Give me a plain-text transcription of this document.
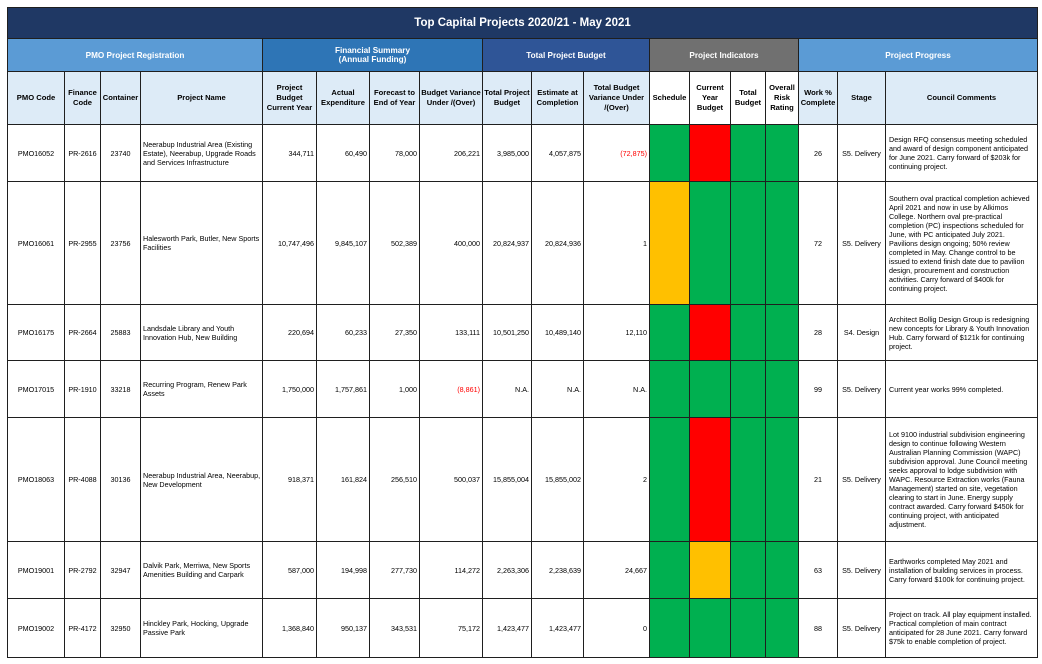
Top Capital Projects 2020/21 - May 2021																	
PMO Project Registration				Financial Summary
(Annual Funding)				Total Project Budget			Project Indicators				Project Progress		
PMO Code	Finance Code	Container	Project Name	Project Budget Current Year	Actual Expenditure	Forecast to End of Year	Budget Variance Under /(Over)	Total Project Budget	Estimate at Completion	Total Budget Variance Under /(Over)	Schedule	Current Year Budget	Total Budget	Overall Risk Rating	Work % Complete	Stage	Council Comments
PMO16052	PR-2616	23740	Neerabup Industrial Area (Existing Estate), Neerabup, Upgrade Roads and Services Infrastructure	344,711	60,490	78,000	206,221	3,985,000	4,057,875	(72,875)					26	S5. Delivery	Design RFQ consensus meeting scheduled and award of design component anticipated for June 2021. Carry forward of $203k for continuing project.
PMO16061	PR-2955	23756	Halesworth Park, Butler, New Sports Facilities	10,747,496	9,845,107	502,389	400,000	20,824,937	20,824,936	1					72	S5. Delivery	Southern oval practical completion achieved April 2021 and now in use by Alkimos College. Northern oval pre-practical completion (PC) inspections scheduled for June, with PC anticipated July 2021. Pavilions design ongoing; 50% review completed in May. Change control to be issued to extend finish date due to pavilion design, procurement and construction activities. Carry forward of $400k for continuing project.
PMO16175	PR-2664	25883	Landsdale Library and Youth Innovation Hub, New Building	220,694	60,233	27,350	133,111	10,501,250	10,489,140	12,110					28	S4. Design	Architect Bollig Design Group is redesigning new concepts for Library & Youth Innovation Hub. Carry forward of $121k for continuing project.
PMO17015	PR-1910	33218	Recurring Program, Renew Park Assets	1,750,000	1,757,861	1,000	(8,861)	N.A.	N.A.	N.A.					99	S5. Delivery	Current year works 99% completed.
PMO18063	PR-4088	30136	Neerabup Industrial Area, Neerabup, New Development	918,371	161,824	256,510	500,037	15,855,004	15,855,002	2					21	S5. Delivery	Lot 9100 industrial subdivision engineering design to continue following Western Australian Planning Commission (WAPC) subdivision approval. June Council meeting seeks approval to lodge subdivision with WAPC. Resource Extraction works (Fauna Management) started on site, vegetation clearing to start in June. Energy supply contract awarded. Carry forward $450k for continuing project, with anticipated adjustment.
PMO19001	PR-2792	32947	Dalvik Park, Merriwa, New Sports Amenities Building and Carpark	587,000	194,998	277,730	114,272	2,263,306	2,238,639	24,667					63	S5. Delivery	Earthworks completed May 2021 and installation of building services in process. Carry forward $100k for continuing project.
PMO19002	PR-4172	32950	Hinckley Park, Hocking, Upgrade Passive Park	1,368,840	950,137	343,531	75,172	1,423,477	1,423,477	0					88	S5. Delivery	Project on track. All play equipment installed. Practical completion of main contract anticipated for 28 June 2021. Carry forward $75k to enable completion of project.
